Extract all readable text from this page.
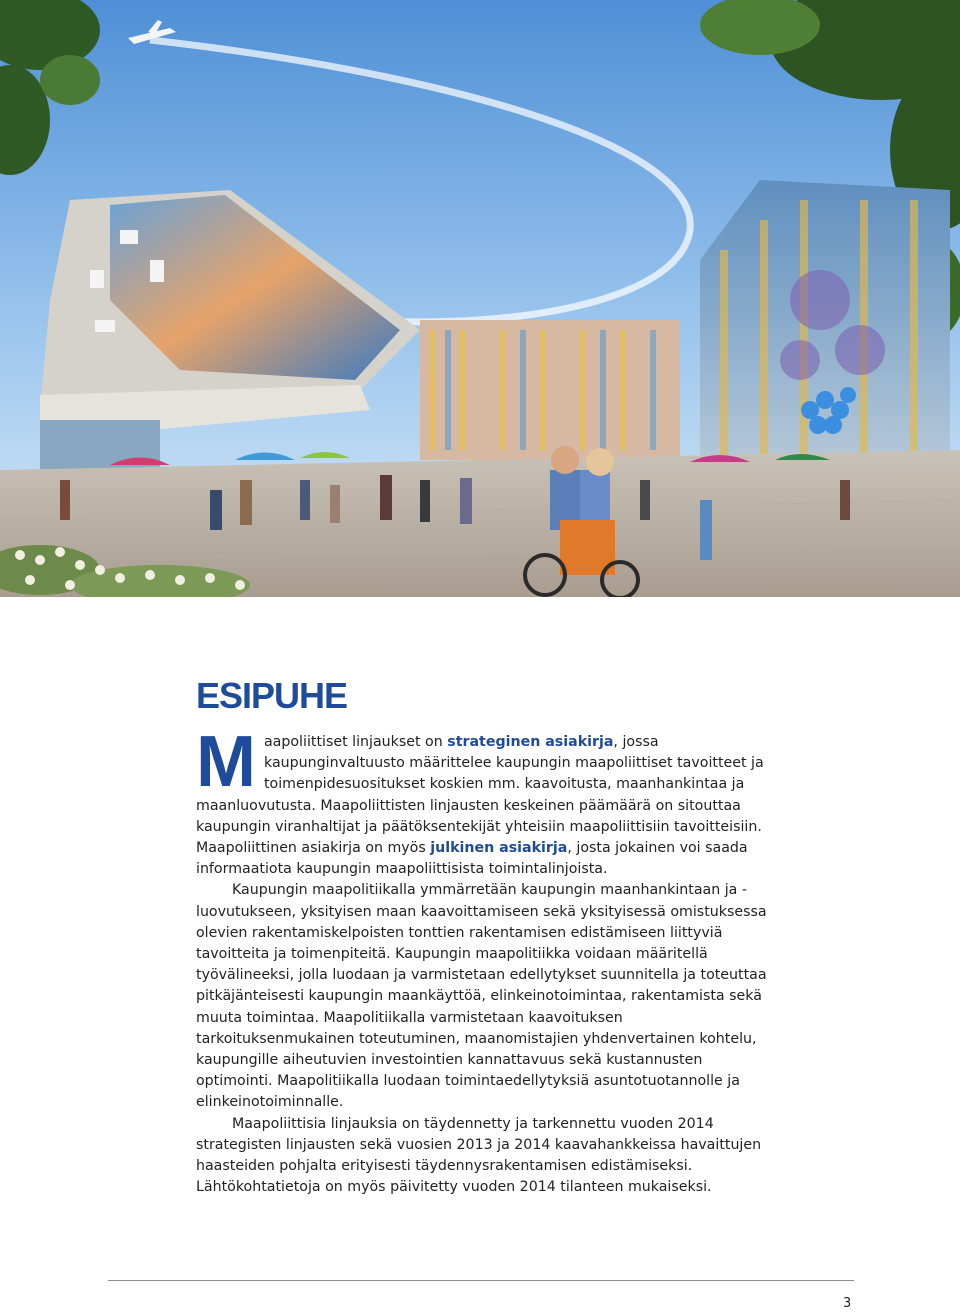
ESIPUHE

Maapoliittiset linjaukset on strateginen asiakirja, jossa kaupunginvaltuusto määrittelee kaupungin maapoliittiset tavoitteet ja toimenpidesuositukset koskien mm. kaavoitusta, maanhankintaa ja maanluovutusta. Maapoliittisten linjausten keskeinen päämäärä on sitouttaa kaupungin viranhaltijat ja päätöksentekijät yhteisiin maapoliittisiin tavoitteisiin. Maapoliittinen asiakirja on myös julkinen asiakirja, josta jokainen voi saada informaatiota kaupungin maapoliittisista toimintalinjoista.

Kaupungin maapolitiikalla ymmärretään kaupungin maanhankintaan ja -luovutukseen, yksityisen maan kaavoittamiseen sekä yksityisessä omistuksessa olevien rakentamiskelpoisten tonttien rakentamisen edistämiseen liittyviä tavoitteita ja toimenpiteitä. Kaupungin maapolitiikka voidaan määritellä työvälineeksi, jolla luodaan ja varmistetaan edellytykset suunnitella ja toteuttaa pitkäjänteisesti kaupungin maankäyttöä, elinkeinotoimintaa, rakentamista sekä muuta toimintaa. Maapolitiikalla varmistetaan kaavoituksen tarkoituksenmukainen toteutuminen, maanomistajien yhdenvertainen kohtelu, kaupungille aiheutuvien investointien kannattavuus sekä kustannusten optimointi. Maapolitiikalla luodaan toimintaedellytyksiä asuntotuotannolle ja elinkeinotoiminnalle.

Maapoliittisia linjauksia on täydennetty ja tarkennettu vuoden 2014 strategisten linjausten sekä vuosien 2013 ja 2014 kaavahankkeissa havaittujen haasteiden pohjalta erityisesti täydennysrakentamisen edistämiseksi. Lähtökohtatietoja on myös päivitetty vuoden 2014 tilanteen mukaiseksi.

3
